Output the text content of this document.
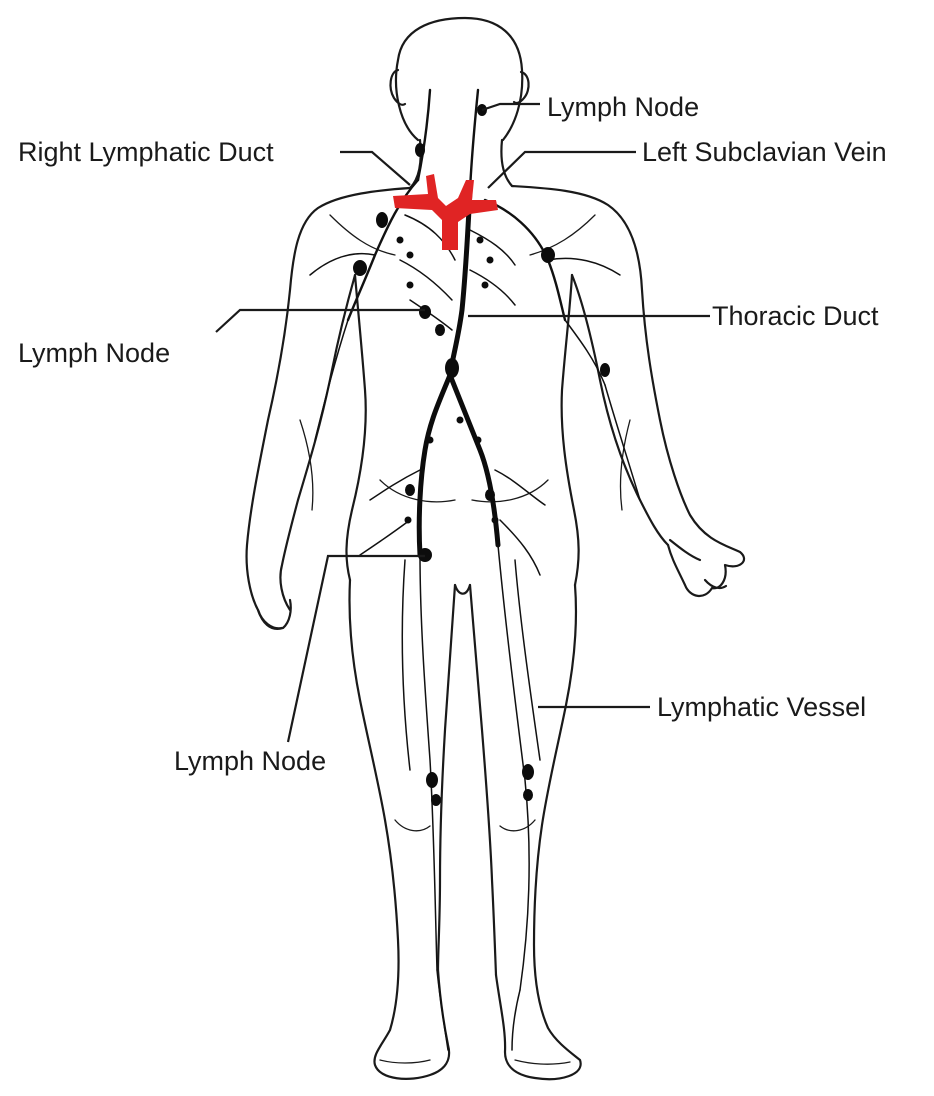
Lymph Node
Right Lymphatic Duct	Left Subclavian Vein
Lymph Node
Thoracic Duct
Lymph Node
Lymphatic Vessel
